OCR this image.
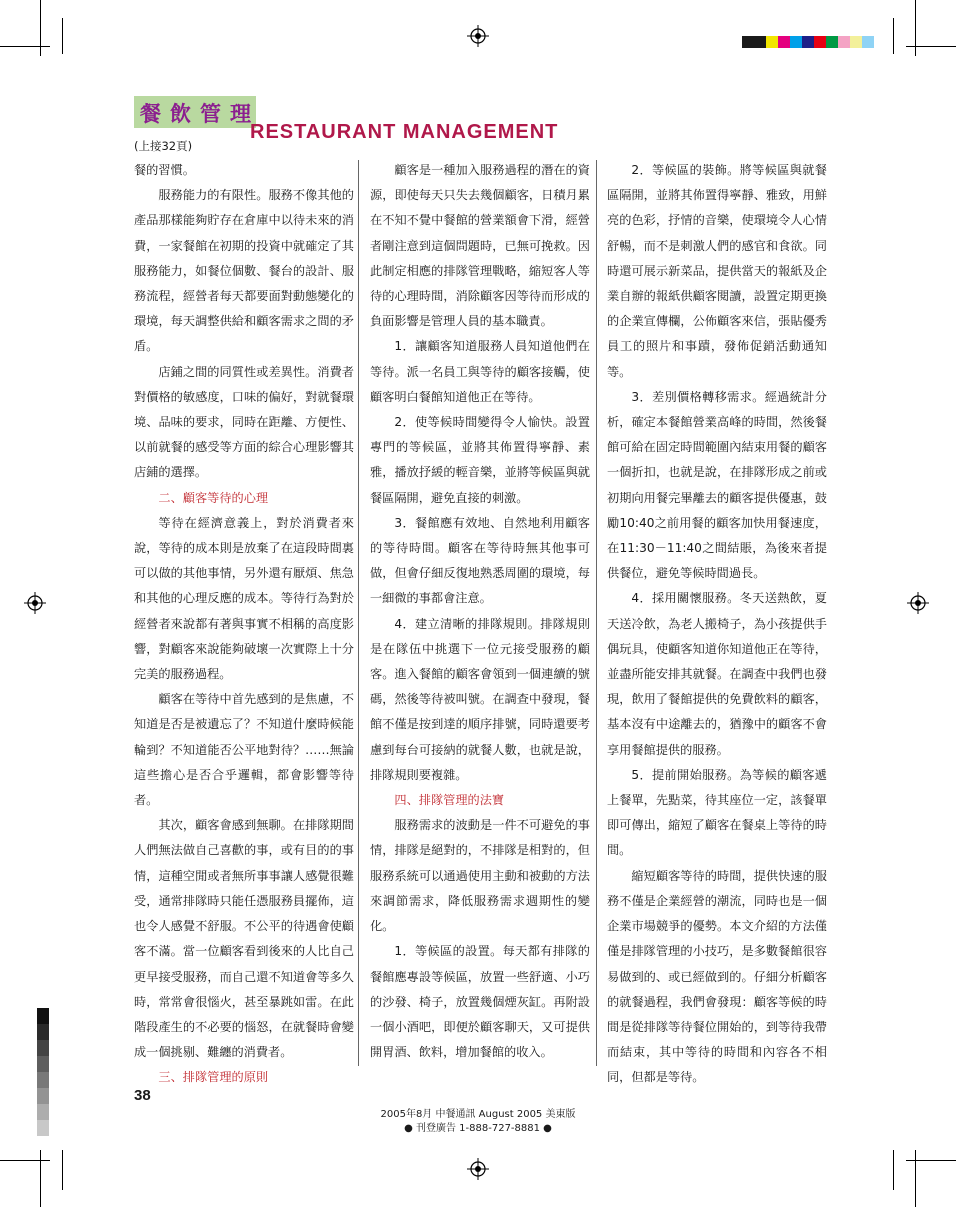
餐飲管理
RESTAURANT MANAGEMENT
(上接32頁)

餐的習慣。

服務能力的有限性。服務不像其他的產品那樣能夠貯存在倉庫中以待未來的消費，一家餐館在初期的投資中就確定了其服務能力，如餐位個數、餐台的設計、服務流程，經營者每天都要面對動態變化的環境，每天調整供給和顧客需求之間的矛盾。

店鋪之間的同質性或差異性。消費者對價格的敏感度，口味的偏好，對就餐環境、品味的要求，同時在距離、方便性、以前就餐的感受等方面的綜合心理影響其店鋪的選擇。

二、顧客等待的心理

等待在經濟意義上，對於消費者來說，等待的成本則是放棄了在這段時間裏可以做的其他事情，另外還有厭煩、焦急和其他的心理反應的成本。等待行為對於經營者來說都有著與事實不相稱的高度影響，對顧客來說能夠破壞一次實際上十分完美的服務過程。

顧客在等待中首先感到的是焦慮，不知道是否是被遺忘了？不知道什麼時候能輪到？不知道能否公平地對待？……無論這些擔心是否合乎邏輯，都會影響等待者。

其次，顧客會感到無聊。在排隊期間人們無法做自己喜歡的事，或有目的的事情，這種空閒或者無所事事讓人感覺很難受，通常排隊時只能任憑服務員擺佈，這也令人感覺不舒服。不公平的待遇會使顧客不滿。當一位顧客看到後來的人比自己更早接受服務，而自己還不知道會等多久時，常常會很惱火，甚至暴跳如雷。在此階段產生的不必要的惱怒，在就餐時會變成一個挑剔、難纏的消費者。

三、排隊管理的原則

顧客是一種加入服務過程的潛在的資源，即使每天只失去幾個顧客，日積月累在不知不覺中餐館的營業額會下滑，經營者剛注意到這個問題時，已無可挽救。因此制定相應的排隊管理戰略，縮短客人等待的心理時間，消除顧客因等待而形成的負面影響是管理人員的基本職責。

1．讓顧客知道服務人員知道他們在等待。派一名員工與等待的顧客接觸，使顧客明白餐館知道他正在等待。

2．使等候時間變得令人愉快。設置專門的等候區，並將其佈置得寧靜、素雅，播放抒緩的輕音樂，並將等候區與就餐區隔開，避免直接的刺激。

3．餐館應有效地、自然地利用顧客的等待時間。顧客在等待時無其他事可做，但會仔細反復地熟悉周圍的環境，每一細微的事都會注意。

4．建立清晰的排隊規則。排隊規則是在隊伍中挑選下一位元接受服務的顧客。進入餐館的顧客會領到一個連續的號碼，然後等待被叫號。在調查中發現，餐館不僅是按到達的順序排號，同時還要考慮到每台可接納的就餐人數，也就是說，排隊規則要複雜。

四、排隊管理的法寶

服務需求的波動是一件不可避免的事情，排隊是絕對的，不排隊是相對的，但服務系統可以通過使用主動和被動的方法來調節需求，降低服務需求週期性的變化。

1．等候區的設置。每天都有排隊的餐館應專設等候區，放置一些舒適、小巧的沙發、椅子，放置幾個煙灰缸。再附設一個小酒吧，即便於顧客聊天，又可提供開胃酒、飲料，增加餐館的收入。

2．等候區的裝飾。將等候區與就餐區隔開，並將其佈置得寧靜、雅致，用鮮亮的色彩，抒情的音樂，使環境令人心情舒暢，而不是刺激人們的感官和食欲。同時還可展示新菜品，提供當天的報紙及企業自辦的報紙供顧客閱讀，設置定期更換的企業宣傳欄，公佈顧客來信，張貼優秀員工的照片和事蹟，發佈促銷活動通知等。

3．差別價格轉移需求。經過統計分析，確定本餐館營業高峰的時間，然後餐館可給在固定時間範圍內結束用餐的顧客一個折扣，也就是說，在排隊形成之前或初期向用餐完畢離去的顧客提供優惠，鼓勵10:40之前用餐的顧客加快用餐速度，在11:30－11:40之間結賬，為後來者提供餐位，避免等候時間過長。

4．採用關懷服務。冬天送熱飲，夏天送冷飲，為老人搬椅子，為小孩提供手偶玩具，使顧客知道你知道他正在等待，並盡所能安排其就餐。在調查中我們也發現，飲用了餐館提供的免費飲料的顧客，基本沒有中途離去的，猶豫中的顧客不會享用餐館提供的服務。

5．提前開始服務。為等候的顧客遞上餐單，先點菜，待其座位一定，該餐單即可傳出，縮短了顧客在餐桌上等待的時間。

縮短顧客等待的時間，提供快速的服務不僅是企業經營的潮流，同時也是一個企業市場競爭的優勢。本文介紹的方法僅僅是排隊管理的小技巧，是多數餐館很容易做到的、或已經做到的。仔細分析顧客的就餐過程，我們會發現：顧客等候的時間是從排隊等待餐位開始的，到等待我帶而結束，其中等待的時間和內容各不相同，但都是等待。

38
2005年8月 中餐通訊 August 2005 美東版
● 刊登廣告 1-888-727-8881 ●
